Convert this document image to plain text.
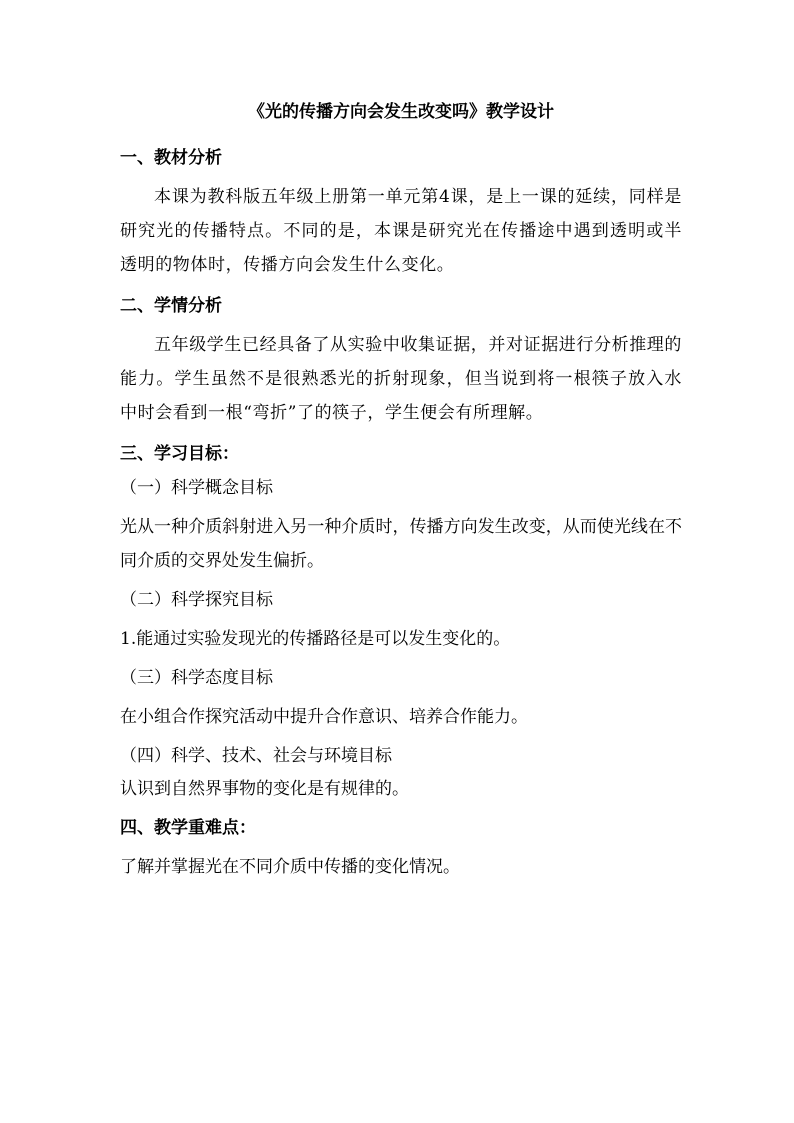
《光的传播方向会发生改变吗》教学设计
一、教材分析
本课为教科版五年级上册第一单元第4课，是上一课的延续，同样是研究光的传播特点。不同的是，本课是研究光在传播途中遇到透明或半透明的物体时，传播方向会发生什么变化。
二、学情分析
五年级学生已经具备了从实验中收集证据，并对证据进行分析推理的能力。学生虽然不是很熟悉光的折射现象，但当说到将一根筷子放入水中时会看到一根“弯折”了的筷子，学生便会有所理解。
三、学习目标：
（一）科学概念目标
光从一种介质斜射进入另一种介质时，传播方向发生改变，从而使光线在不同介质的交界处发生偏折。
（二）科学探究目标
1.能通过实验发现光的传播路径是可以发生变化的。
（三）科学态度目标
在小组合作探究活动中提升合作意识、培养合作能力。
（四）科学、技术、社会与环境目标
认识到自然界事物的变化是有规律的。
四、教学重难点：
了解并掌握光在不同介质中传播的变化情况。
